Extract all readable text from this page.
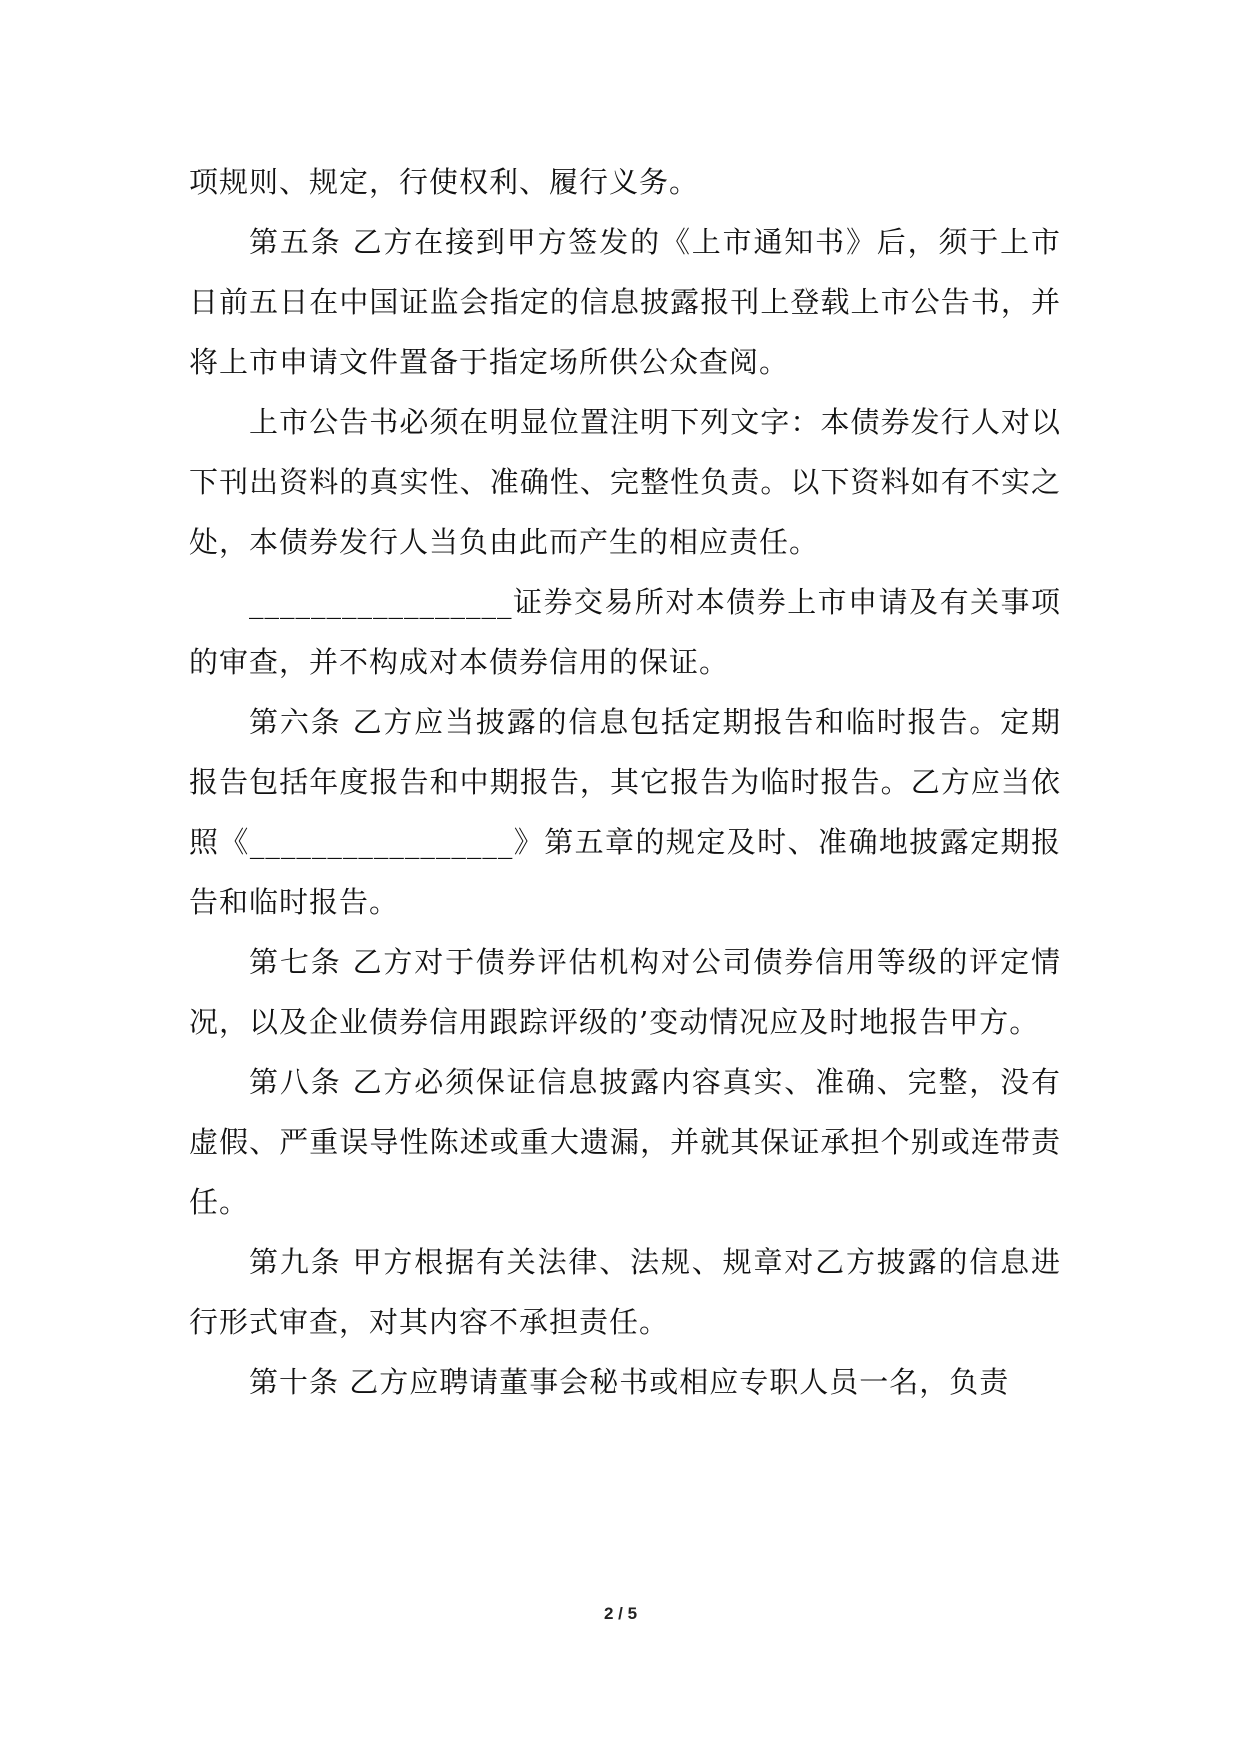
项规则、规定，行使权利、履行义务。

第五条 乙方在接到甲方签发的《上市通知书》后，须于上市日前五日在中国证监会指定的信息披露报刊上登载上市公告书，并将上市申请文件置备于指定场所供公众查阅。

上市公告书必须在明显位置注明下列文字：本债券发行人对以下刊出资料的真实性、准确性、完整性负责。以下资料如有不实之处，本债券发行人当负由此而产生的相应责任。

_________________证券交易所对本债券上市申请及有关事项的审查，并不构成对本债券信用的保证。

第六条 乙方应当披露的信息包括定期报告和临时报告。定期报告包括年度报告和中期报告，其它报告为临时报告。乙方应当依照《_________________》第五章的规定及时、准确地披露定期报告和临时报告。

第七条 乙方对于债券评估机构对公司债券信用等级的评定情况，以及企业债券信用跟踪评级的’变动情况应及时地报告甲方。

第八条 乙方必须保证信息披露内容真实、准确、完整，没有虚假、严重误导性陈述或重大遗漏，并就其保证承担个别或连带责任。

第九条 甲方根据有关法律、法规、规章对乙方披露的信息进行形式审查，对其内容不承担责任。

第十条 乙方应聘请董事会秘书或相应专职人员一名，负责

2 / 5
